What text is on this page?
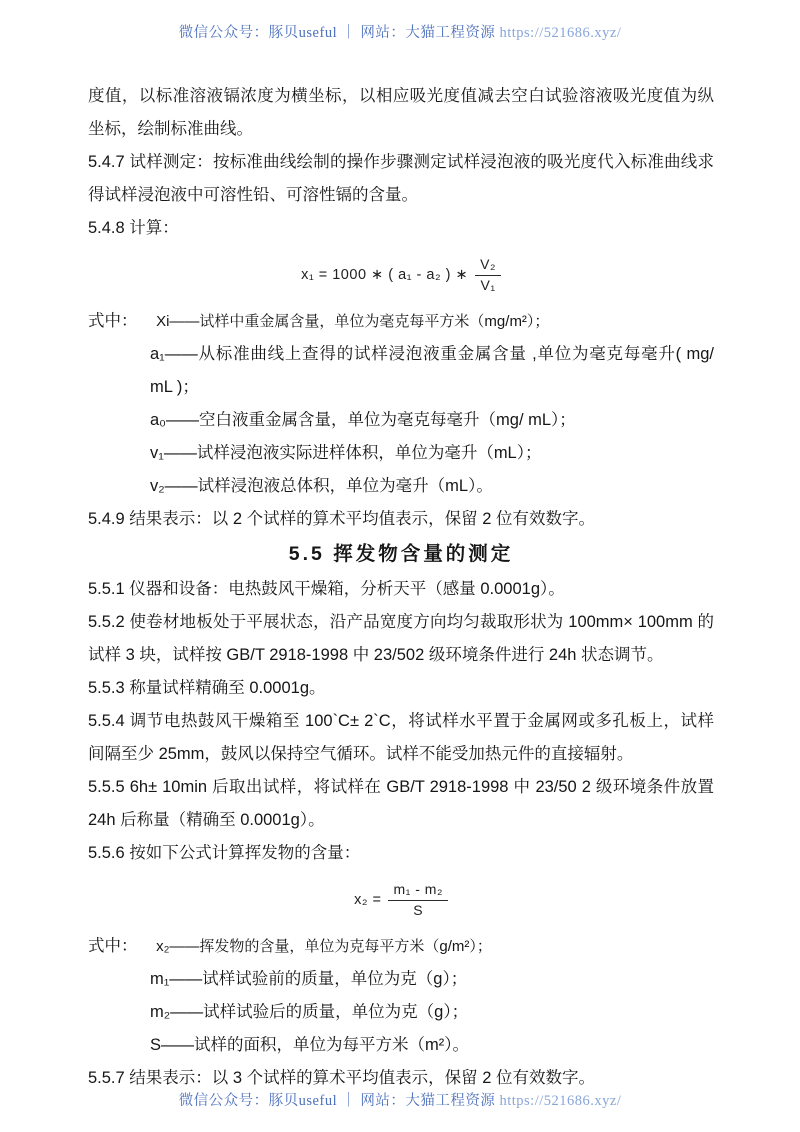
微信公众号：豚贝useful ｜ 网站：大猫工程资源 https://521686.xyz/

度值，以标准溶液镉浓度为横坐标，以相应吸光度值减去空白试验溶液吸光度值为纵坐标，绘制标准曲线。

5.4.7 试样测定：按标准曲线绘制的操作步骤测定试样浸泡液的吸光度代入标准曲线求得试样浸泡液中可溶性铅、可溶性镉的含量。

5.4.8 计算：

x₁ = 1000 ∗ ( a₁ - a₂ ) ∗ $\frac{\text{V₂}}{\text{V₁}}$

式中： Xi——试样中重金属含量，单位为毫克每平方米（mg/m²）；

a₁——从标准曲线上查得的试样浸泡液重金属含量 ,单位为毫克每毫升( mg/ mL )；

a₀——空白液重金属含量，单位为毫克每毫升（mg/ mL）；

v₁——试样浸泡液实际进样体积，单位为毫升（mL）；

v₂——试样浸泡液总体积，单位为毫升（mL）。

5.4.9 结果表示：以 2 个试样的算术平均值表示，保留 2 位有效数字。

5.5 挥发物含量的测定

5.5.1 仪器和设备：电热鼓风干燥箱，分析天平（感量 0.0001g）。

5.5.2 使卷材地板处于平展状态，沿产品宽度方向均匀裁取形状为 100mm× 100mm 的试样 3 块，试样按 GB/T 2918-1998 中 23/502 级环境条件进行 24h 状态调节。

5.5.3 称量试样精确至 0.0001g。

5.5.4 调节电热鼓风干燥箱至 100`C± 2`C，将试样水平置于金属网或多孔板上，试样间隔至少 25mm，鼓风以保持空气循环。试样不能受加热元件的直接辐射。

5.5.5 6h± 10min 后取出试样，将试样在 GB/T 2918-1998 中 23/50 2 级环境条件放置 24h 后称量（精确至 0.0001g）。

5.5.6 按如下公式计算挥发物的含量：

$x_2 = \frac{\text{m₁ - m₂}}{S}$

式中： x₂——挥发物的含量，单位为克每平方米（g/m²）；

m₁——试样试验前的质量，单位为克（g）；

m₂——试样试验后的质量，单位为克（g）；

S——试样的面积，单位为每平方米（m²）。

5.5.7 结果表示：以 3 个试样的算术平均值表示，保留 2 位有效数字。

微信公众号：豚贝useful ｜ 网站：大猫工程资源 https://521686.xyz/
